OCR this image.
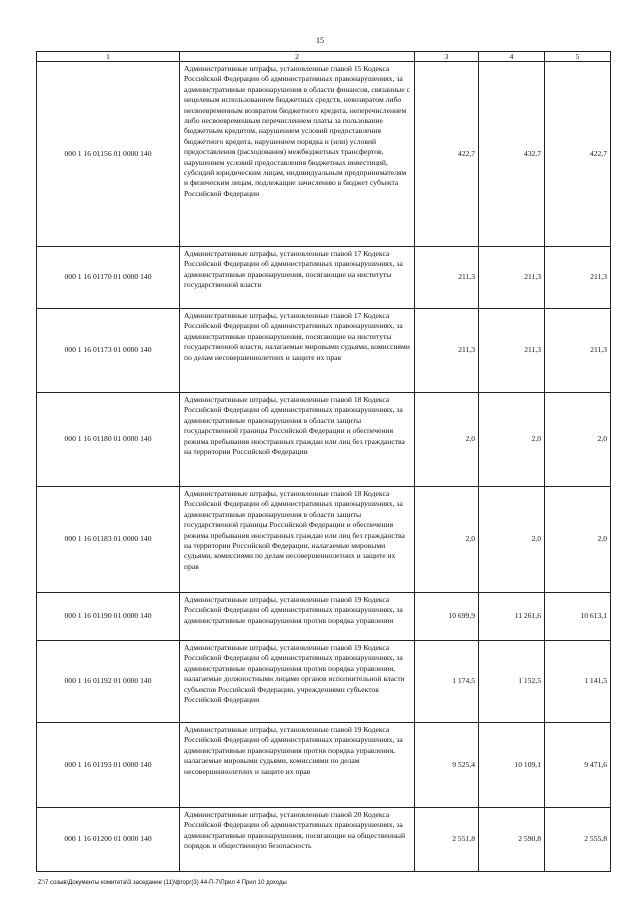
15
1	2	3	4	5
000 1 16 01156 01 0000 140	Административные штрафы, установленные главой 15 Кодекса Российской Федерации об административных правонарушениях, за административные правонарушения в области финансов, связанные с нецелевым использованием бюджетных средств, невозвратом либо несвоевременным возвратом бюджетного кредита, неперечислением либо несвоевременным перечислением платы за пользование бюджетным кредитом, нарушением условий предоставления бюджетного кредита, нарушением порядка и (или) условий предоставления (расходования) межбюджетных трансфертов, нарушением условий предоставления бюджетных инвестиций, субсидий юридическим лицам, индивидуальным предпринимателям и физическим лицам, подлежащие зачислению в бюджет субъекта Российской Федерации	422,7	432,7	422,7
000 1 16 01170 01 0000 140	Административные штрафы, установленные главой 17 Кодекса Российской Федерации об административных правонарушениях, за административные правонарушения, посягающие на институты государственной власти	211,3	211,3	211,3
000 1 16 01173 01 0000 140	Административные штрафы, установленные главой 17 Кодекса Российской Федерации об административных правонарушениях, за административные правонарушения, посягающие на институты государственной власти, налагаемые мировыми судьями, комиссиями по делам несовершеннолетних и защите их прав	211,3	211,3	211,3
000 1 16 01180 01 0000 140	Административные штрафы, установленные главой 18 Кодекса Российской Федерации об административных правонарушениях, за административные правонарушения в области защиты государственной границы Российской Федерации и обеспечения режима пребывания иностранных граждан или лиц без гражданства на территории Российской Федерации	2,0	2,0	2,0
000 1 16 01183 01 0000 140	Административные штрафы, установленные главой 18 Кодекса Российской Федерации об административных правонарушениях, за административные правонарушения в области защиты государственной границы Российской Федерации и обеспечения режима пребывания иностранных граждан или лиц без гражданства на территории Российской Федерации, налагаемые мировыми судьями, комиссиями по делам несовершеннолетних и защите их прав	2,0	2,0	2,0
000 1 16 01190 01 0000 140	Административные штрафы, установленные главой 19 Кодекса Российской Федерации об административных правонарушениях, за административные правонарушения против порядка управления	10 699,9	11 261,6	10 613,1
000 1 16 01192 01 0000 140	Административные штрафы, установленные главой 19 Кодекса Российской Федерации об административных правонарушениях, за административные правонарушения против порядка управления, налагаемые должностными лицами органов исполнительной власти субъектов Российской Федерации, учреждениями субъектов Российской Федерации	1 174,5	1 152,5	1 141,5
000 1 16 01193 01 0000 140	Административные штрафы, установленные главой 19 Кодекса Российской Федерации об административных правонарушениях, за административные правонарушения против порядка управления, налагаемые мировыми судьями, комиссиями по делам несовершеннолетних и защите их прав	9 525,4	10 109,1	9 471,6
000 1 16 01200 01 0000 140	Административные штрафы, установленные главой 20 Кодекса Российской Федерации об административных правонарушениях, за административные правонарушения, посягающие на общественный порядок и общественную безопасность	2 551,8	2 590,8	2 555,8
Z:\7 созыв\Документы комитета\3 заседание (11)\фгорг(3) 44-П-7\Прил 4 Прил 10 доходы
